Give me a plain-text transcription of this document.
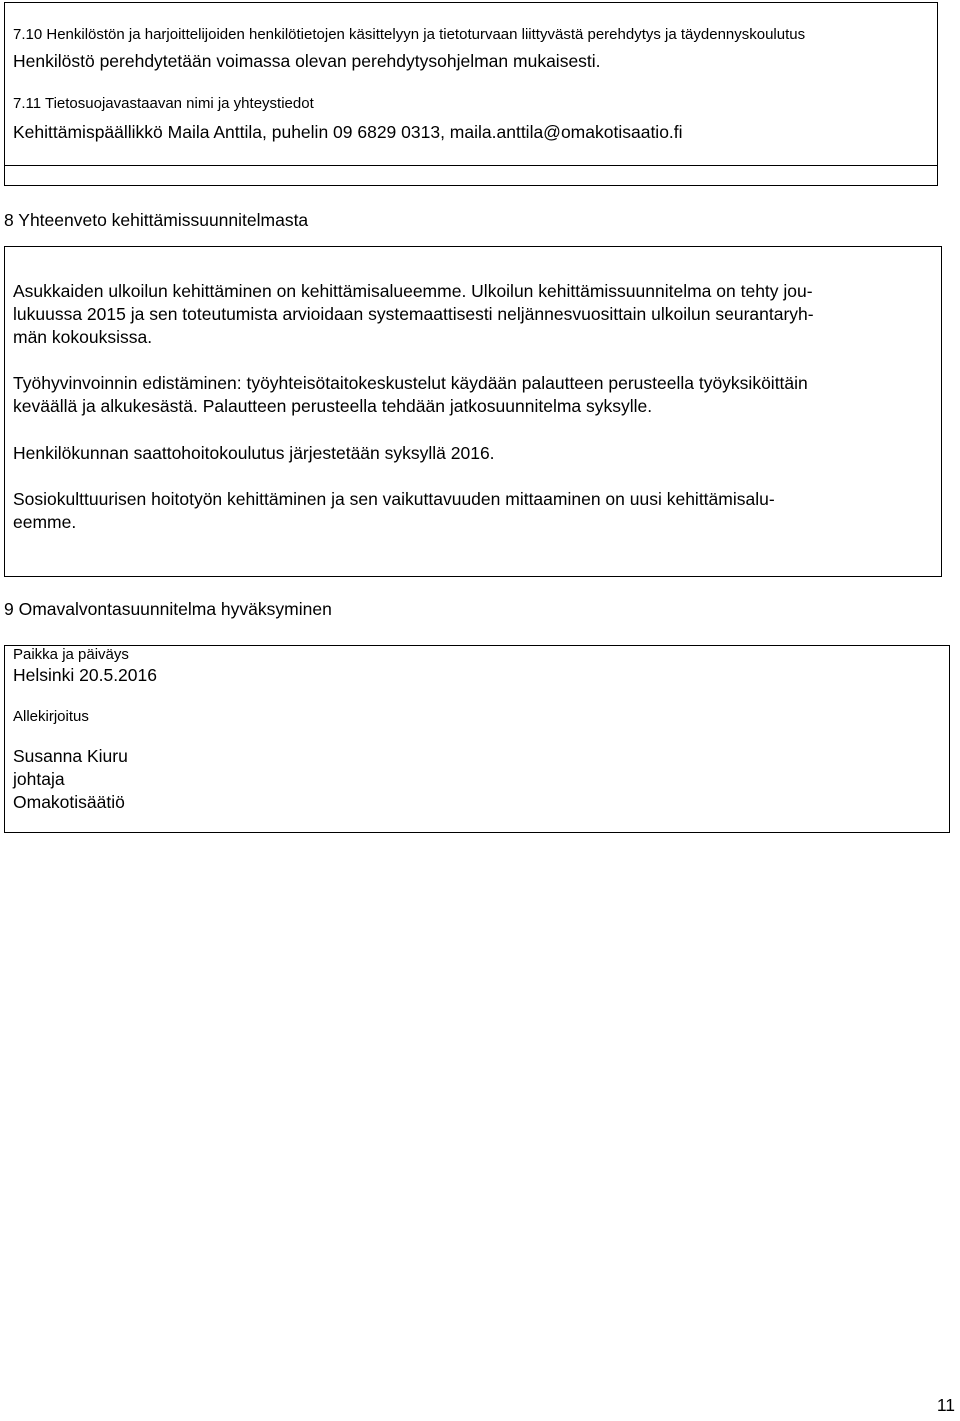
7.10 Henkilöstön ja harjoittelijoiden henkilötietojen käsittelyyn ja tietoturvaan liittyvästä perehdytys ja täydennyskoulutus
Henkilöstö perehdytetään voimassa olevan perehdytysohjelman mukaisesti.
7.11 Tietosuojavastaavan nimi ja yhteystiedot
Kehittämispäällikkö Maila Anttila, puhelin 09 6829 0313, maila.anttila@omakotisaatio.fi
8 Yhteenveto kehittämissuunnitelmasta
Asukkaiden ulkoilun kehittäminen on kehittämisalueemme. Ulkoilun kehittämissuunnitelma on tehty jou-
lukuussa 2015 ja sen toteutumista arvioidaan systemaattisesti neljännesvuosittain ulkoilun seurantaryh-
män kokouksissa.
Työhyvinvoinnin edistäminen: työyhteisötaitokeskustelut käydään palautteen perusteella työyksiköittäin
keväällä ja alkukesästä. Palautteen perusteella tehdään jatkosuunnitelma syksylle.
Henkilökunnan saattohoitokoulutus järjestetään syksyllä 2016.
Sosiokulttuurisen hoitotyön kehittäminen ja sen vaikuttavuuden mittaaminen on uusi kehittämisalu-
eemme.
9 Omavalvontasuunnitelma hyväksyminen
Paikka ja päiväys
Helsinki 20.5.2016
Allekirjoitus
Susanna Kiuru
johtaja
Omakotisäätiö
11
